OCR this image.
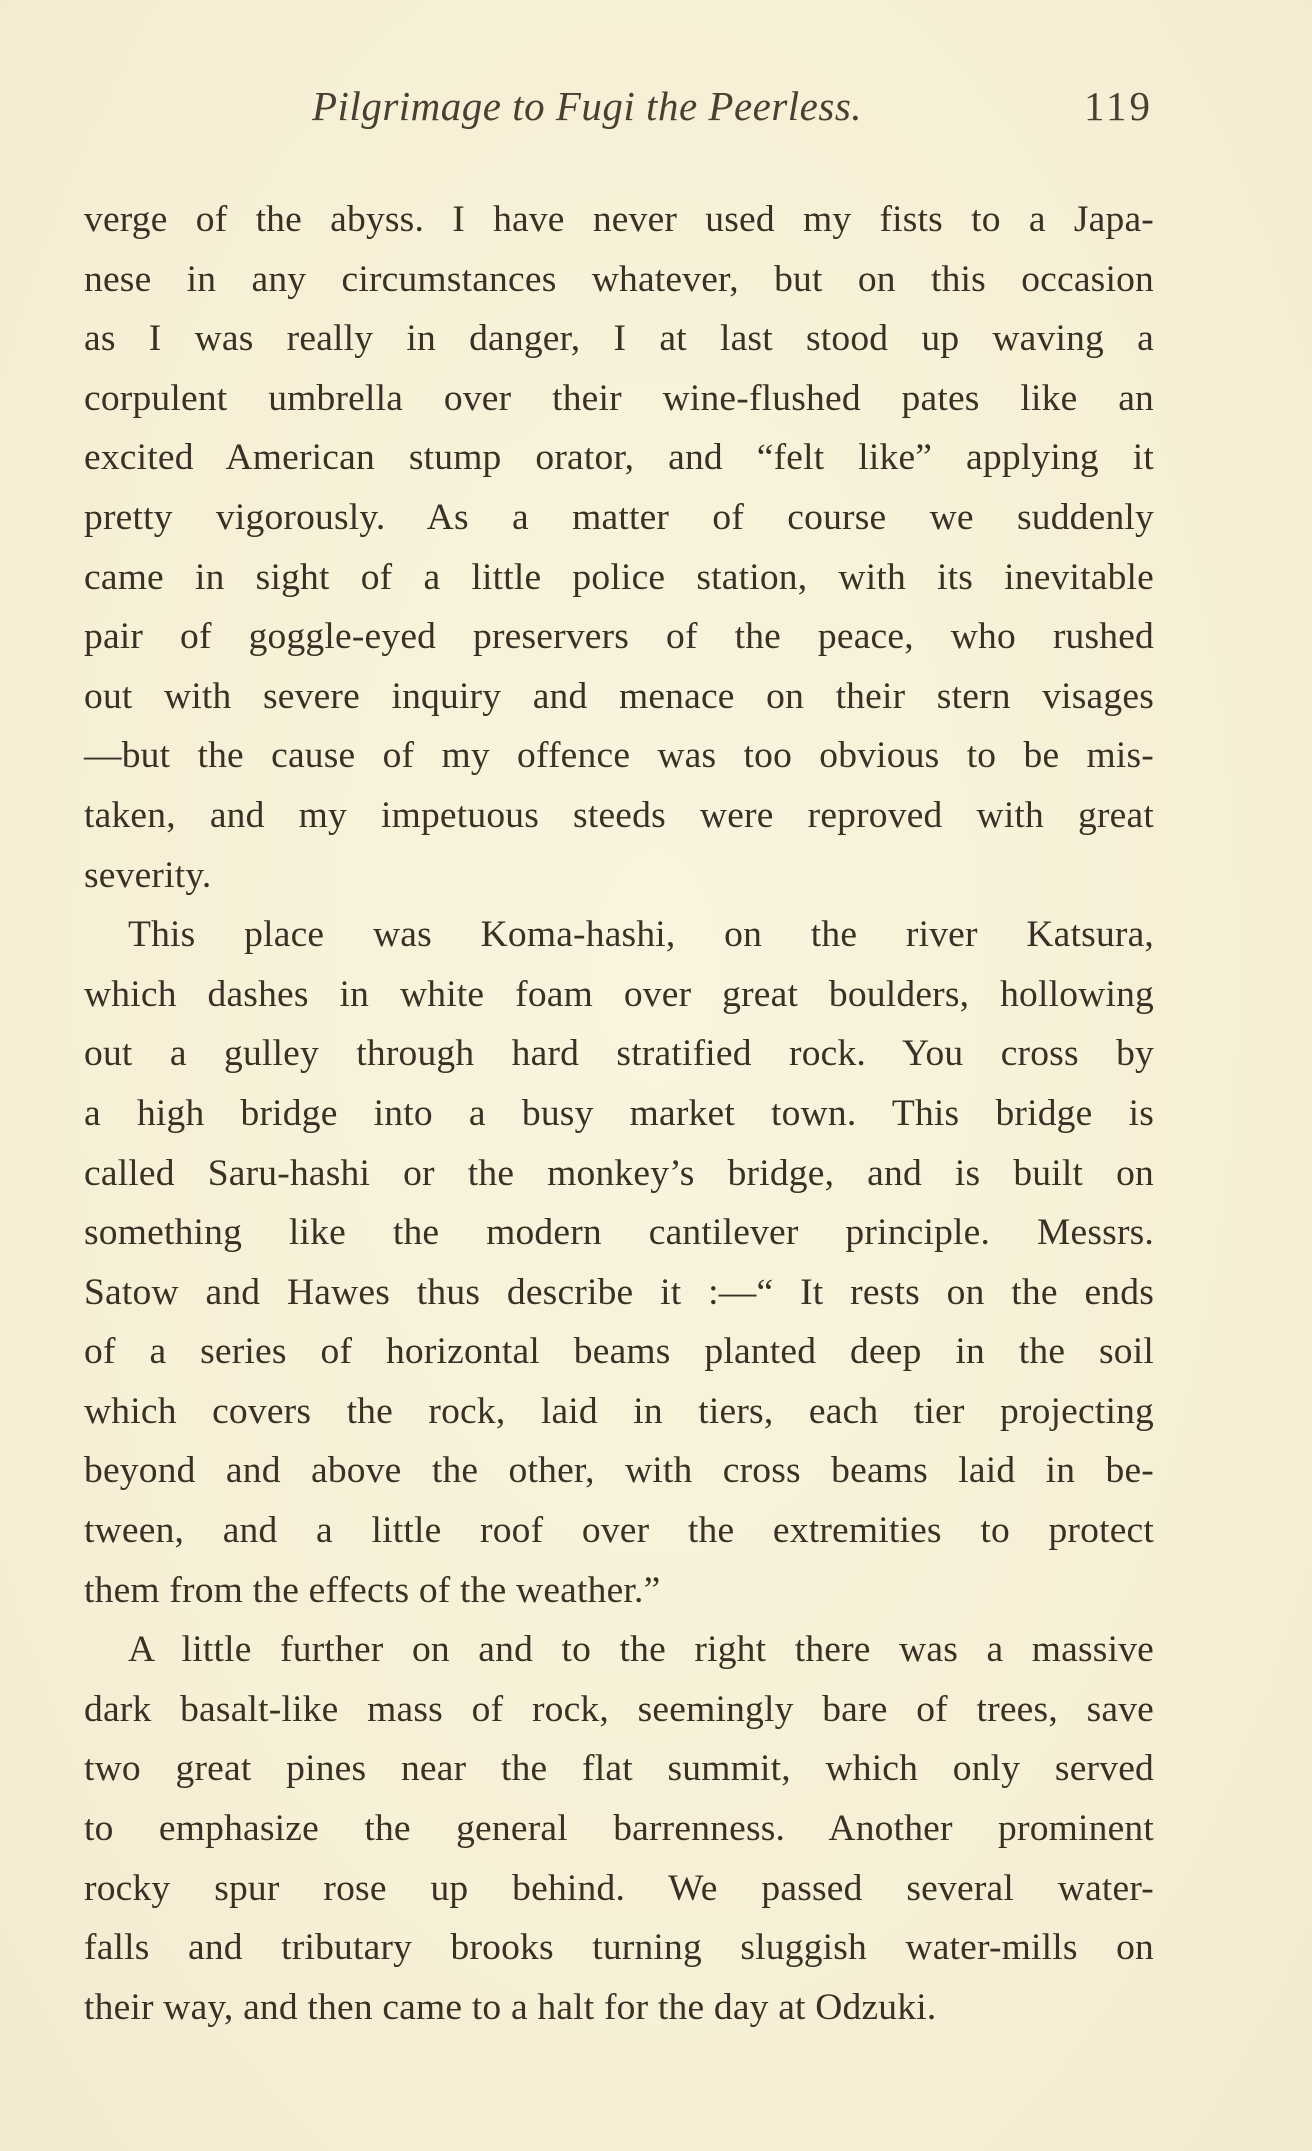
Pilgrimage to Fugi the Peerless.	119
verge of the abyss. I have never used my fists to a Japa-
nese in any circumstances whatever, but on this occasion
as I was really in danger, I at last stood up waving a
corpulent umbrella over their wine-flushed pates like an
excited American stump orator, and “felt like” applying it
pretty vigorously. As a matter of course we suddenly
came in sight of a little police station, with its inevitable
pair of goggle-eyed preservers of the peace, who rushed
out with severe inquiry and menace on their stern visages
—but the cause of my offence was too obvious to be mis-
taken, and my impetuous steeds were reproved with great
severity.
This place was Koma-hashi, on the river Katsura,
which dashes in white foam over great boulders, hollowing
out a gulley through hard stratified rock. You cross by
a high bridge into a busy market town. This bridge is
called Saru-hashi or the monkey’s bridge, and is built on
something like the modern cantilever principle. Messrs.
Satow and Hawes thus describe it :—“ It rests on the ends
of a series of horizontal beams planted deep in the soil
which covers the rock, laid in tiers, each tier projecting
beyond and above the other, with cross beams laid in be-
tween, and a little roof over the extremities to protect
them from the effects of the weather.”
A little further on and to the right there was a massive
dark basalt-like mass of rock, seemingly bare of trees, save
two great pines near the flat summit, which only served
to emphasize the general barrenness. Another prominent
rocky spur rose up behind. We passed several water-
falls and tributary brooks turning sluggish water-mills on
their way, and then came to a halt for the day at Odzuki.
